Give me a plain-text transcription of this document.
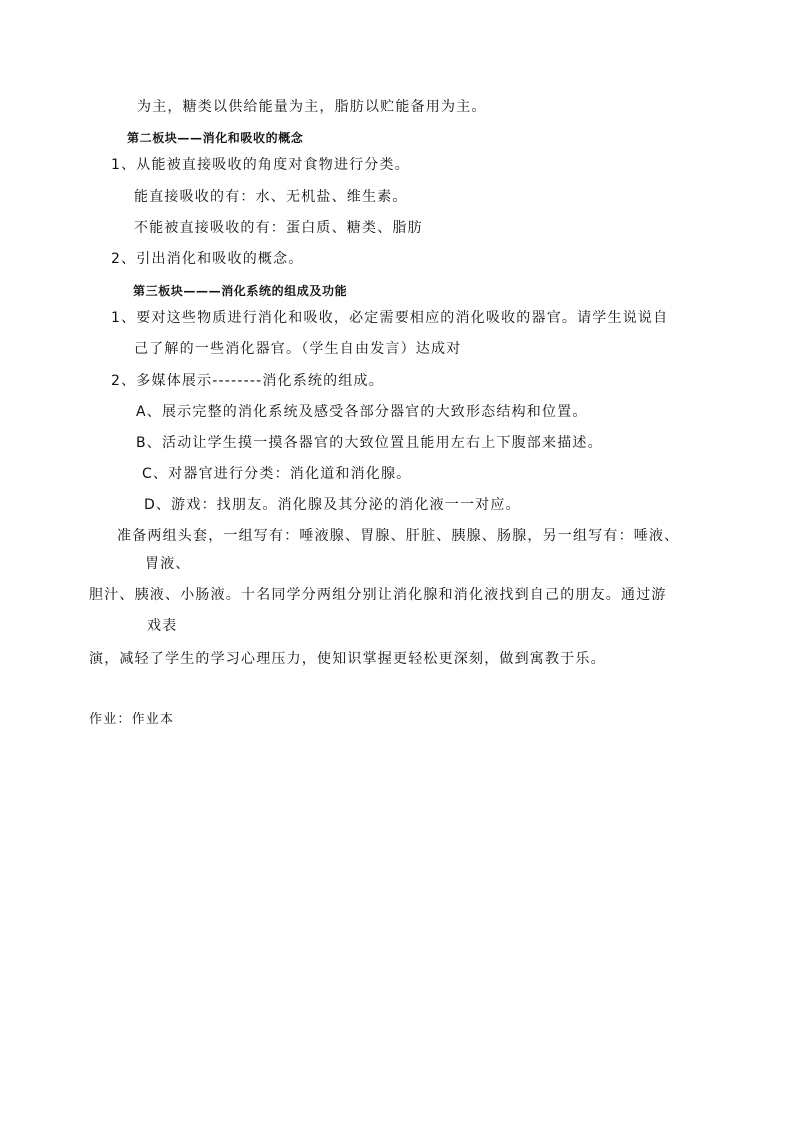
为主，糖类以供给能量为主，脂肪以贮能备用为主。
第二板块——消化和吸收的概念
1、从能被直接吸收的角度对食物进行分类。
能直接吸收的有：水、无机盐、维生素。
不能被直接吸收的有：蛋白质、糖类、脂肪
2、引出消化和吸收的概念。
第三板块———消化系统的组成及功能
1、要对这些物质进行消化和吸收，必定需要相应的消化吸收的器官。请学生说说自
己了解的一些消化器官。（学生自由发言）达成对
2、多媒体展示--------消化系统的组成。
A、展示完整的消化系统及感受各部分器官的大致形态结构和位置。
B、活动让学生摸一摸各器官的大致位置且能用左右上下腹部来描述。
C、对器官进行分类：消化道和消化腺。
D、游戏：找朋友。消化腺及其分泌的消化液一一对应。
准备两组头套，一组写有：唾液腺、胃腺、肝脏、胰腺、肠腺，另一组写有：唾液、
胃液、
胆汁、胰液、小肠液。十名同学分两组分别让消化腺和消化液找到自己的朋友。通过游
戏表
演，减轻了学生的学习心理压力，使知识掌握更轻松更深刻，做到寓教于乐。
作业：作业本
